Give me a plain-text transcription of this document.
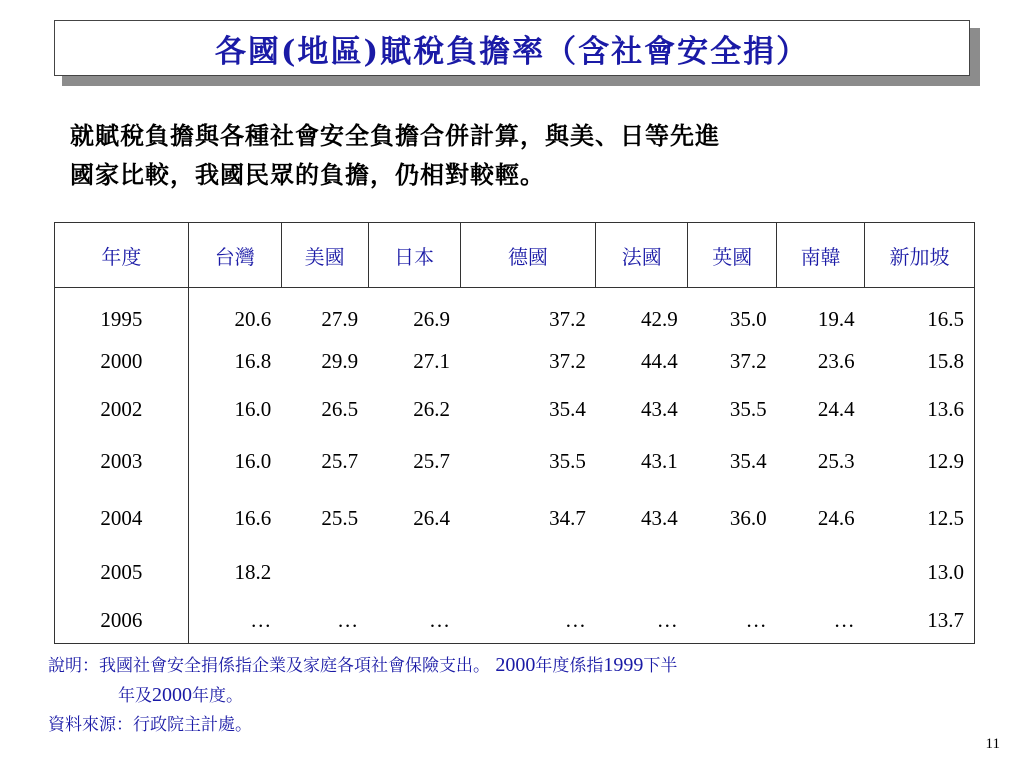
各國(地區)賦稅負擔率（含社會安全捐）
就賦稅負擔與各種社會安全負擔合併計算，與美、日等先進
國家比較，我國民眾的負擔，仍相對較輕。
年度	台灣	美國	日本	德國	法國	英國	南韓	新加坡
1995	20.6	27.9	26.9	37.2	42.9	35.0	19.4	16.5
2000	16.8	29.9	27.1	37.2	44.4	37.2	23.6	15.8
2002	16.0	26.5	26.2	35.4	43.4	35.5	24.4	13.6
2003	16.0	25.7	25.7	35.5	43.1	35.4	25.3	12.9
2004	16.6	25.5	26.4	34.7	43.4	36.0	24.6	12.5
2005	18.2							13.0
2006	…	…	…	…	…	…	…	13.7
說明：我國社會安全捐係指企業及家庭各項社會保險支出。 2000年度係指1999下半
年及2000年度。
資料來源：行政院主計處。
11
